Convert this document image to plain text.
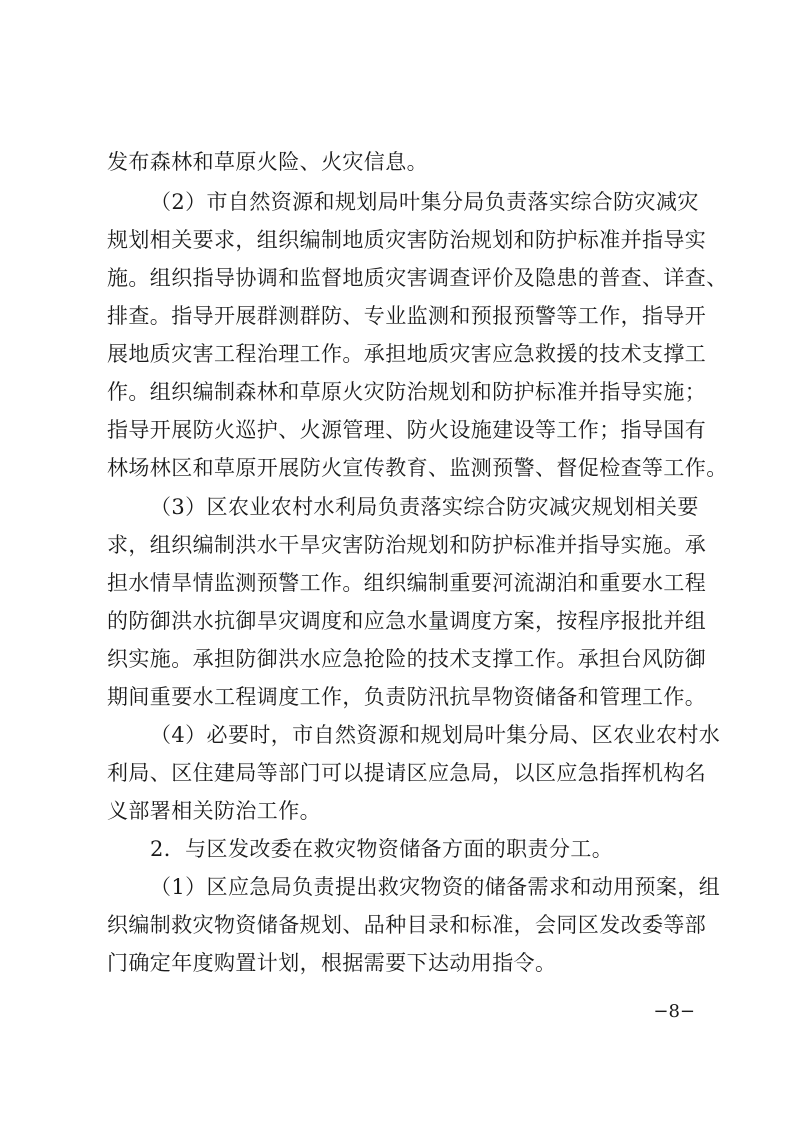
发布森林和草原火险、火灾信息。
（2）市自然资源和规划局叶集分局负责落实综合防灾减灾
规划相关要求，组织编制地质灾害防治规划和防护标准并指导实
施。组织指导协调和监督地质灾害调查评价及隐患的普查、详查、
排查。指导开展群测群防、专业监测和预报预警等工作，指导开
展地质灾害工程治理工作。承担地质灾害应急救援的技术支撑工
作。组织编制森林和草原火灾防治规划和防护标准并指导实施；
指导开展防火巡护、火源管理、防火设施建设等工作；指导国有
林场林区和草原开展防火宣传教育、监测预警、督促检查等工作。
（3）区农业农村水利局负责落实综合防灾减灾规划相关要
求，组织编制洪水干旱灾害防治规划和防护标准并指导实施。承
担水情旱情监测预警工作。组织编制重要河流湖泊和重要水工程
的防御洪水抗御旱灾调度和应急水量调度方案，按程序报批并组
织实施。承担防御洪水应急抢险的技术支撑工作。承担台风防御
期间重要水工程调度工作，负责防汛抗旱物资储备和管理工作。
（4）必要时，市自然资源和规划局叶集分局、区农业农村水
利局、区住建局等部门可以提请区应急局，以区应急指挥机构名
义部署相关防治工作。
2．与区发改委在救灾物资储备方面的职责分工。
（1）区应急局负责提出救灾物资的储备需求和动用预案，组
织编制救灾物资储备规划、品种目录和标准，会同区发改委等部
门确定年度购置计划，根据需要下达动用指令。
−8−
